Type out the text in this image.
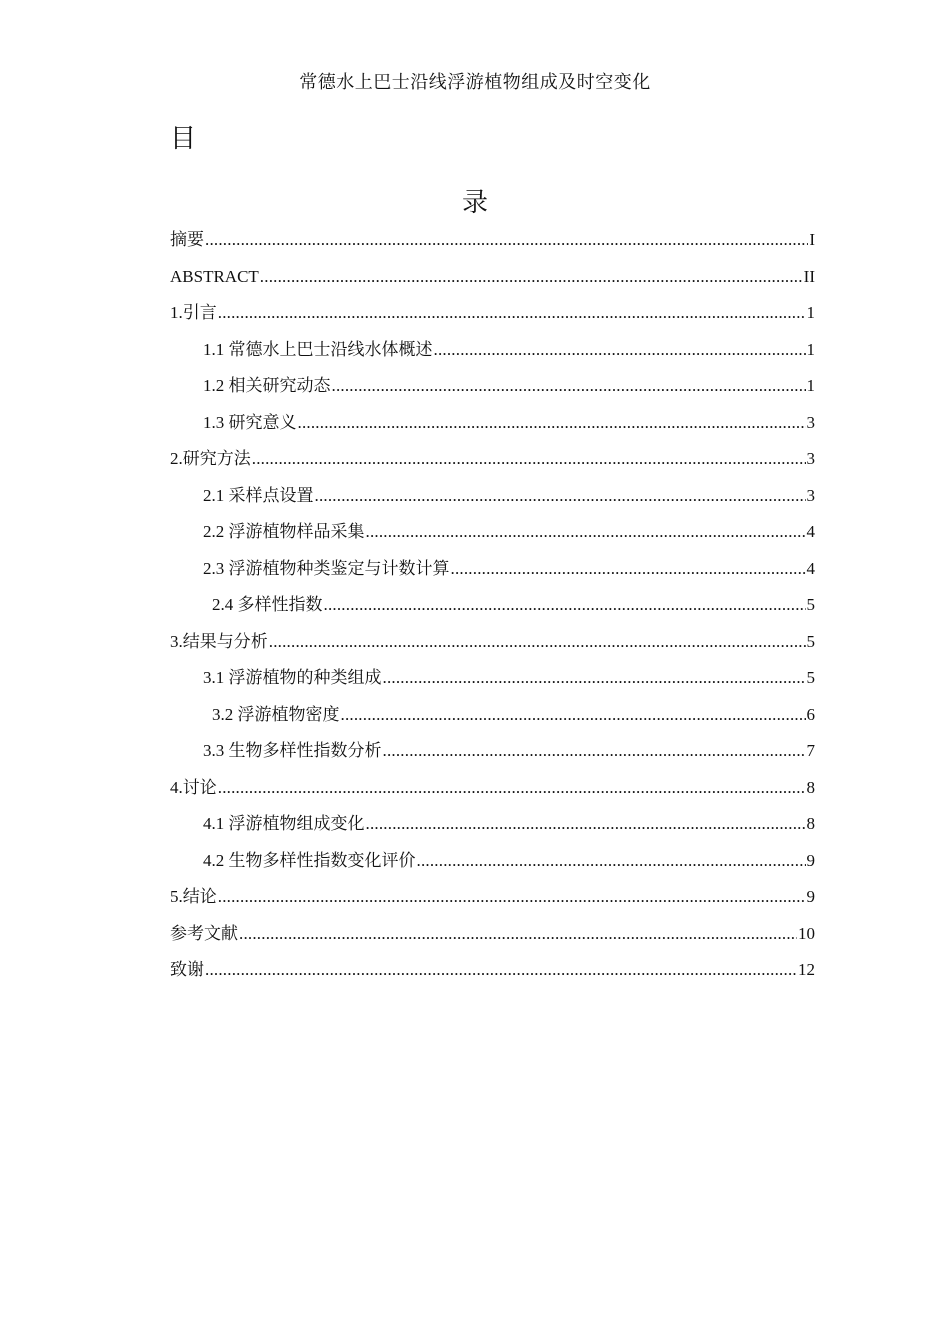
常德水上巴士沿线浮游植物组成及时空变化
目
录
摘要 .....	I
ABSTRACT .....	II
1.引言 .....	1
1.1 常德水上巴士沿线水体概述 .....	1
1.2 相关研究动态 .....	1
1.3 研究意义 .....	3
2.研究方法 .....	3
2.1 采样点设置 .....	3
2.2 浮游植物样品采集 .....	4
2.3 浮游植物种类鉴定与计数计算 .....	4
2.4 多样性指数 .....	5
3.结果与分析 .....	5
3.1 浮游植物的种类组成 .....	5
3.2 浮游植物密度 .....	6
3.3 生物多样性指数分析 .....	7
4.讨论 .....	8
4.1 浮游植物组成变化 .....	8
4.2 生物多样性指数变化评价 .....	9
5.结论 .....	9
参考文献 .....	10
致谢 .....	12
